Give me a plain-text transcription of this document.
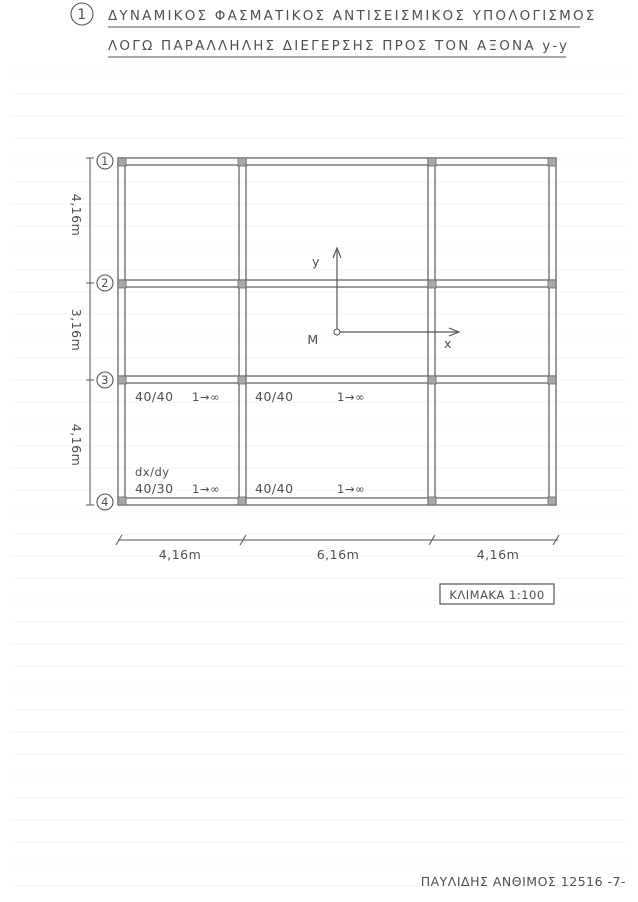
1 ΔΥΝΑΜΙΚΟΣ ΦΑΣΜΑΤΙΚΟΣ ΑΝΤΙΣΕΙΣΜΙΚΟΣ ΥΠΟΛΟΓΙΣΜΟΣ
ΛΟΓΩ ΠΑΡΑΛΛΗΛΗΣ ΔΙΕΓΕΡΣΗΣ ΠΡΟΣ ΤΟΝ ΑΞΟΝΑ y-y
1
2
3
4
4,16m
3,16m
4,16m
4,16m	6,16m	4,16m
y
x
M
40/40 1→∞	40/40	1→∞
dx/dy
40/30 1→∞	40/40	1→∞
ΚΛΙΜΑΚΑ 1:100
ΠΑΥΛΙΔΗΣ ΑΝΘΙΜΟΣ 12516 -7-
